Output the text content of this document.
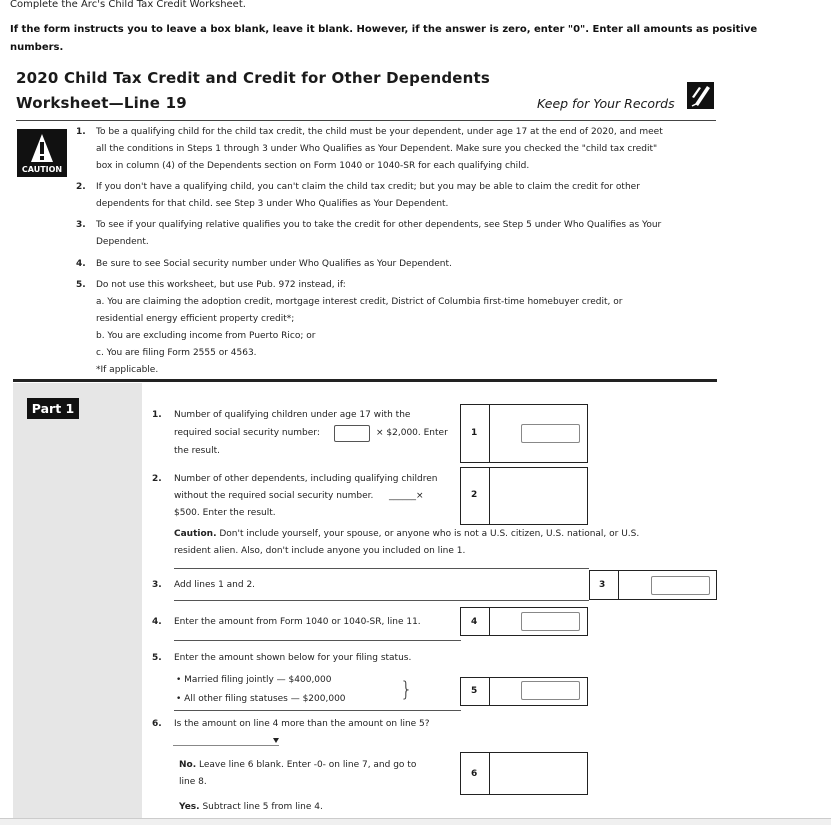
Complete the Arc's Child Tax Credit Worksheet.
If the form instructs you to leave a box blank, leave it blank. However, if the answer is zero, enter "0". Enter all amounts as positive numbers.
2020 Child Tax Credit and Credit for Other Dependents
Worksheet—Line 19	Keep for Your Records
CAUTION
1. To be a qualifying child for the child tax credit, the child must be your dependent, under age 17 at the end of 2020, and meet
all the conditions in Steps 1 through 3 under Who Qualifies as Your Dependent. Make sure you checked the "child tax credit"
box in column (4) of the Dependents section on Form 1040 or 1040-SR for each qualifying child.
2. If you don't have a qualifying child, you can't claim the child tax credit; but you may be able to claim the credit for other
dependents for that child. see Step 3 under Who Qualifies as Your Dependent.
3. To see if your qualifying relative qualifies you to take the credit for other dependents, see Step 5 under Who Qualifies as Your
Dependent.
4. Be sure to see Social security number under Who Qualifies as Your Dependent.
5. Do not use this worksheet, but use Pub. 972 instead, if:
a. You are claiming the adoption credit, mortgage interest credit, District of Columbia first-time homebuyer credit, or
residential energy efficient property credit*;
b. You are excluding income from Puerto Rico; or
c. You are filing Form 2555 or 4563.
*If applicable.
Part 1	1. Number of qualifying children under age 17 with the
required social security number:	× $2,000. Enter
the result.
1
2. Number of other dependents, including qualifying children
without the required social security number. ______×
$500. Enter the result.
2
Caution. Don't include yourself, your spouse, or anyone who is not a U.S. citizen, U.S. national, or U.S.
resident alien. Also, don't include anyone you included on line 1.
3. Add lines 1 and 2.	3
4. Enter the amount from Form 1040 or 1040-SR, line 11.	4
5. Enter the amount shown below for your filing status.
• Married filing jointly — $400,000
• All other filing statuses — $200,000	}	5
6. Is the amount on line 4 more than the amount on line 5?
No. Leave line 6 blank. Enter -0- on line 7, and go to
line 8.
6
Yes. Subtract line 5 from line 4.
